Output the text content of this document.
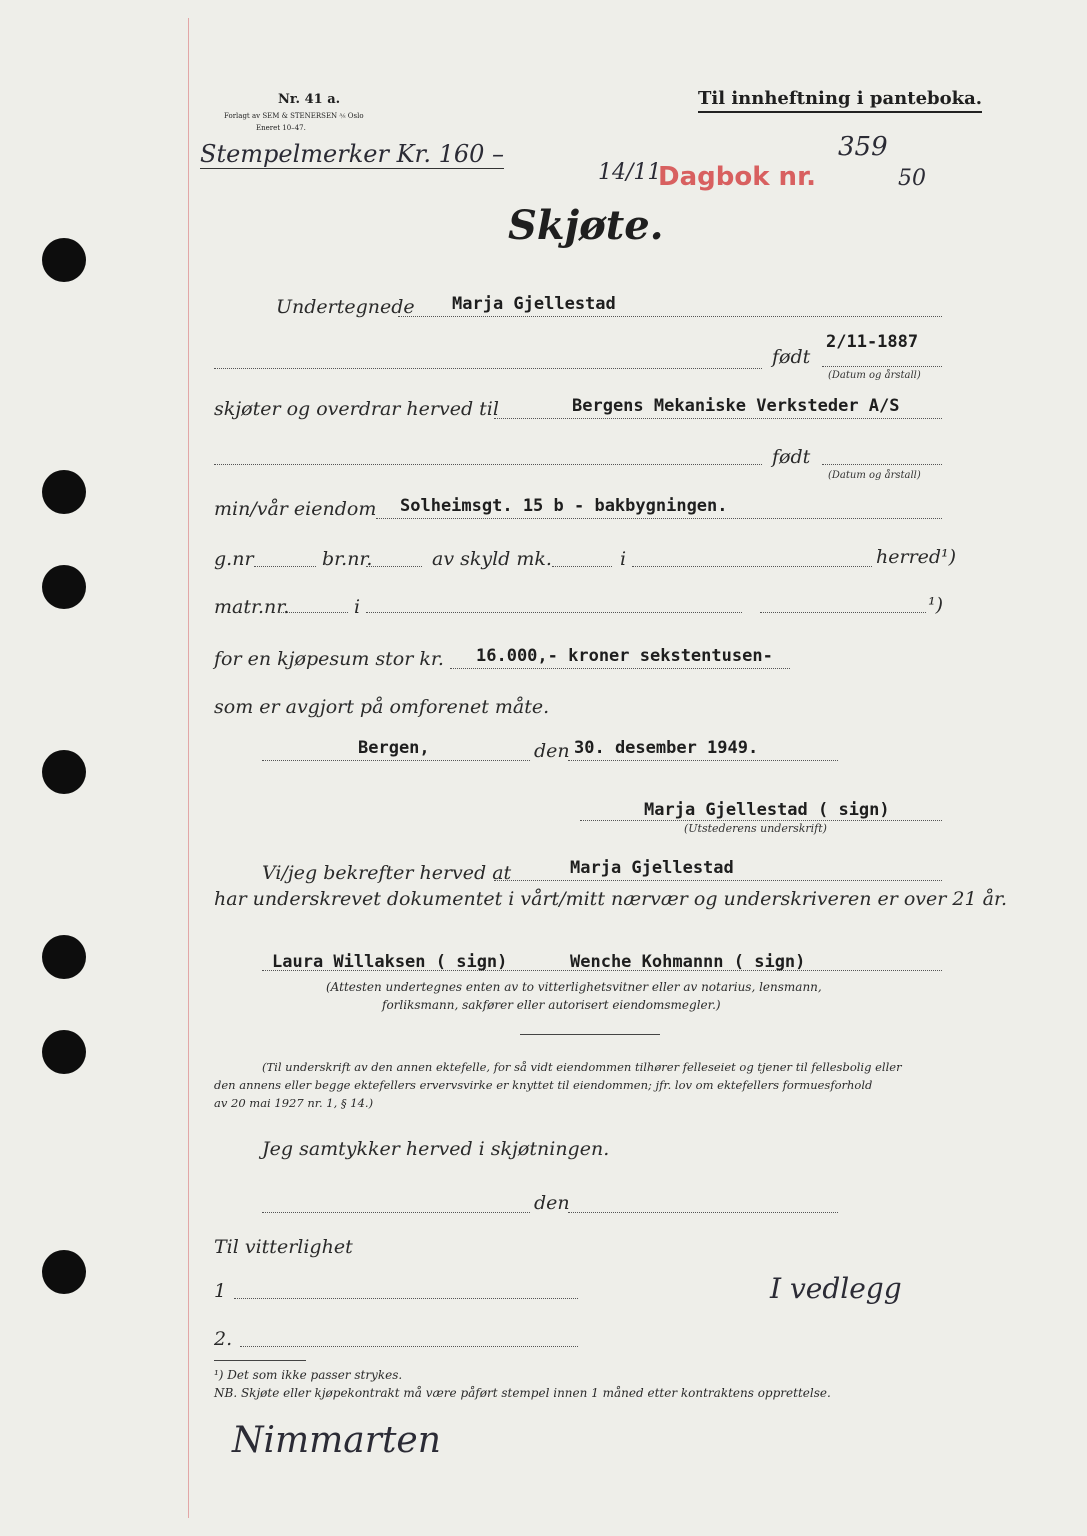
Nr. 41 a.
Forlagt av SEM & STENERSEN ⅍ Oslo
Eneret 10–47.
Til innheftning i panteboka.
Stempelmerker Kr. 160 –
14/11
Dagbok nr.
359
50
Skjøte.
Undertegnede Marja Gjellestad
født
2/11-1887
(Datum og årstall)
skjøter og overdrar herved til	Bergens Mekaniske Verksteder A/S
født
(Datum og årstall)
min/vår eiendom Solheimsgt. 15 b - bakbygningen.
g.nr	br.nr.	av skyld mk.	i	herred¹)
matr.nr.	i	¹)
for en kjøpesum stor kr. 16.000,- kroner sekstentusen-
som er avgjort på omforenet måte.
Bergen,	den 30. desember 1949.
Marja Gjellestad ( sign)
(Utstederens underskrift)
Vi/jeg bekrefter herved at	Marja Gjellestad
har underskrevet dokumentet i vårt/mitt nærvær og underskriveren er over 21 år.
Laura Willaksen ( sign)	Wenche Kohmannn ( sign)
(Attesten undertegnes enten av to vitterlighetsvitner eller av notarius, lensmann,
forliksmann, sakfører eller autorisert eiendomsmegler.)
(Til underskrift av den annen ektefelle, for så vidt eiendommen tilhører felleseiet og tjener til fellesbolig eller
den annens eller begge ektefellers ervervsvirke er knyttet til eiendommen; jfr. lov om ektefellers formuesforhold
av 20 mai 1927 nr. 1, § 14.)
Jeg samtykker herved i skjøtningen.
den
Til vitterlighet
1	I vedlegg
2.
¹) Det som ikke passer strykes.
NB. Skjøte eller kjøpekontrakt må være påført stempel innen 1 måned etter kontraktens opprettelse.
Nimmarten
